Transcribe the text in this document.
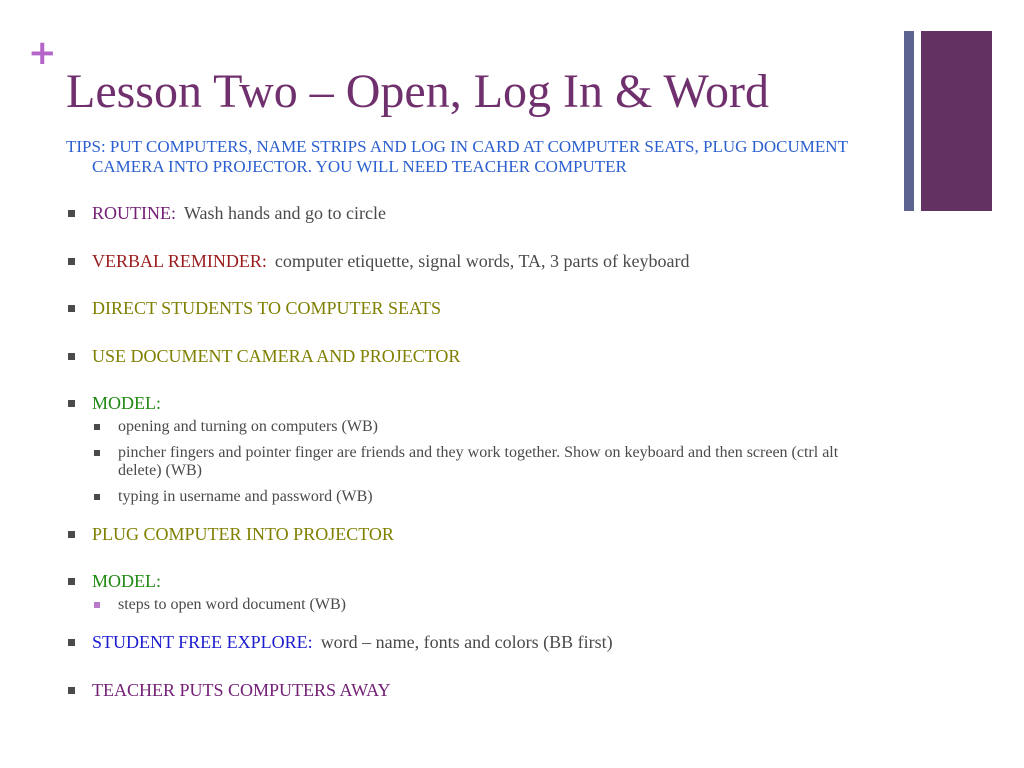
+
Lesson Two – Open, Log In & Word

TIPS: PUT COMPUTERS, NAME STRIPS AND LOG IN CARD AT COMPUTER SEATS, PLUG DOCUMENT CAMERA INTO PROJECTOR. YOU WILL NEED TEACHER COMPUTER

ROUTINE: Wash hands and go to circle
VERBAL REMINDER: computer etiquette, signal words, TA, 3 parts of keyboard
DIRECT STUDENTS TO COMPUTER SEATS
USE DOCUMENT CAMERA AND PROJECTOR
MODEL:
opening and turning on computers (WB)
pincher fingers and pointer finger are friends and they work together. Show on keyboard and then screen (ctrl alt delete) (WB)
typing in username and password (WB)
PLUG COMPUTER INTO PROJECTOR
MODEL:
steps to open word document (WB)
STUDENT FREE EXPLORE: word – name, fonts and colors (BB first)
TEACHER PUTS COMPUTERS AWAY
